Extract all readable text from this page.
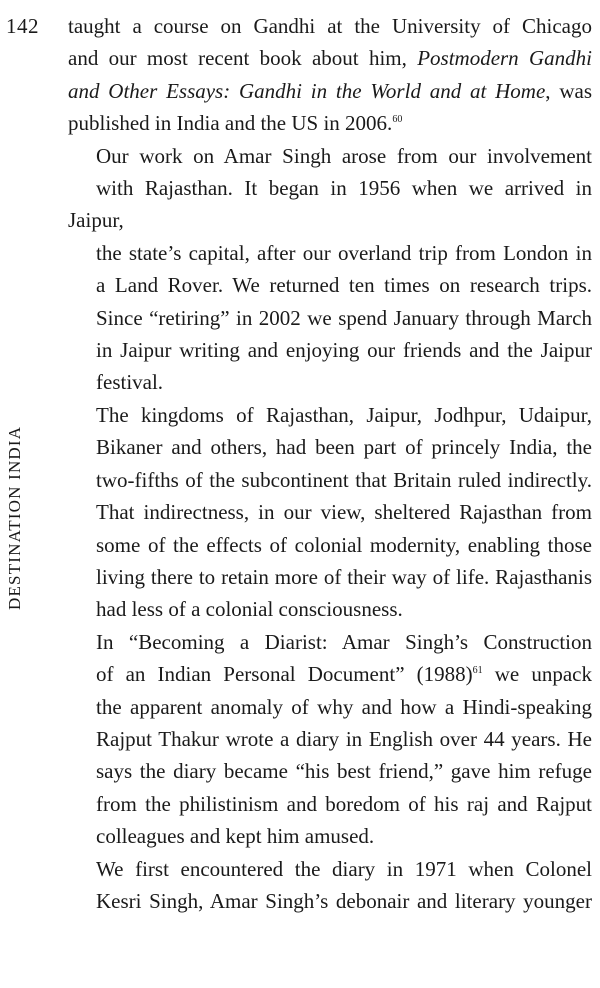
142
DESTINATION INDIA

taught a course on Gandhi at the University of Chicago
and our most recent book about him, Postmodern Gandhi
and Other Essays: Gandhi in the World and at Home, was
published in India and the US in 2006.60

Our work on Amar Singh arose from our involvement
with Rajasthan. It began in 1956 when we arrived in Jaipur,
the state’s capital, after our overland trip from London in
a Land Rover. We returned ten times on research trips.
Since “retiring” in 2002 we spend January through March
in Jaipur writing and enjoying our friends and the Jaipur
festival.

The kingdoms of Rajasthan, Jaipur, Jodhpur, Udaipur,
Bikaner and others, had been part of princely India, the
two-fifths of the subcontinent that Britain ruled indirectly.
That indirectness, in our view, sheltered Rajasthan from
some of the effects of colonial modernity, enabling those
living there to retain more of their way of life. Rajasthanis
had less of a colonial consciousness.

In “Becoming a Diarist: Amar Singh’s Construction
of an Indian Personal Document” $(1988)^{61}$ we unpack
the apparent anomaly of why and how a Hindi-speaking
Rajput Thakur wrote a diary in English over 44 years. He
says the diary became “his best friend,” gave him refuge
from the philistinism and boredom of his raj and Rajput
colleagues and kept him amused.

We first encountered the diary in 1971 when Colonel
Kesri Singh, Amar Singh’s debonair and literary younger
